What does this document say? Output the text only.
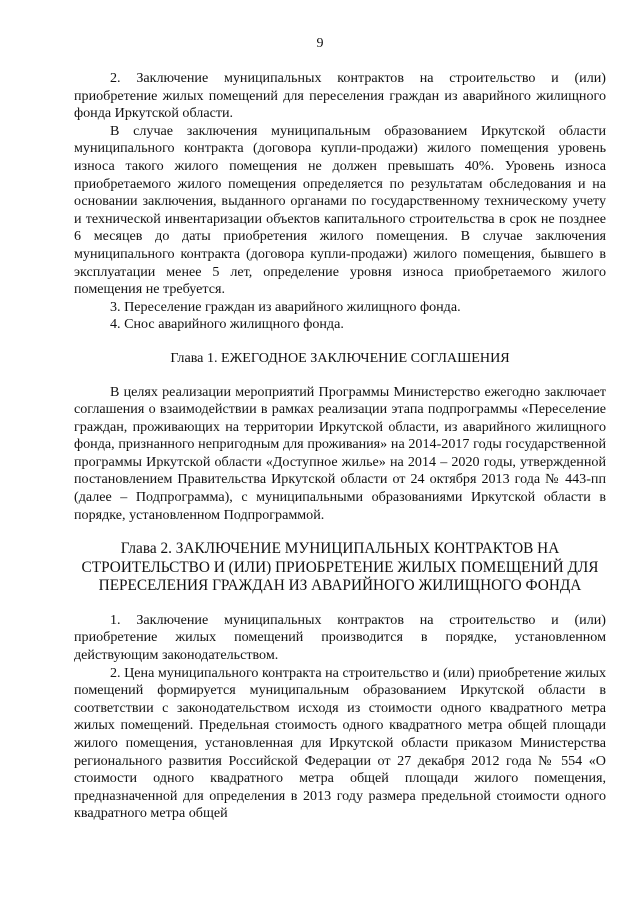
9

2. Заключение муниципальных контрактов на строительство и (или) приобретение жилых помещений для переселения граждан из аварийного жилищного фонда Иркутской области.

В случае заключения муниципальным образованием Иркутской области муниципального контракта (договора купли-продажи) жилого помещения уровень износа такого жилого помещения не должен превышать 40%. Уровень износа приобретаемого жилого помещения определяется по результатам обследования и на основании заключения, выданного органами по государственному техническому учету и технической инвентаризации объектов капитального строительства в срок не позднее 6 месяцев до даты приобретения жилого помещения. В случае заключения муниципального контракта (договора купли-продажи) жилого помещения, бывшего в эксплуатации менее 5 лет, определение уровня износа приобретаемого жилого помещения не требуется.

3. Переселение граждан из аварийного жилищного фонда.

4. Снос аварийного жилищного фонда.

Глава 1. ЕЖЕГОДНОЕ ЗАКЛЮЧЕНИЕ СОГЛАШЕНИЯ

В целях реализации мероприятий Программы Министерство ежегодно заключает соглашения о взаимодействии в рамках реализации этапа подпрограммы «Переселение граждан, проживающих на территории Иркутской области, из аварийного жилищного фонда, признанного непригодным для проживания» на 2014-2017 годы государственной программы Иркутской области «Доступное жилье» на 2014 – 2020 годы, утвержденной постановлением Правительства Иркутской области от 24 октября 2013 года № 443-пп (далее – Подпрограмма), с муниципальными образованиями Иркутской области в порядке, установленном Подпрограммой.

Глава 2. ЗАКЛЮЧЕНИЕ МУНИЦИПАЛЬНЫХ КОНТРАКТОВ НА

СТРОИТЕЛЬСТВО И (ИЛИ) ПРИОБРЕТЕНИЕ ЖИЛЫХ ПОМЕЩЕНИЙ ДЛЯ

ПЕРЕСЕЛЕНИЯ ГРАЖДАН ИЗ АВАРИЙНОГО ЖИЛИЩНОГО ФОНДА

1. Заключение муниципальных контрактов на строительство и (или) приобретение жилых помещений производится в порядке, установленном действующим законодательством.

2. Цена муниципального контракта на строительство и (или) приобретение жилых помещений формируется муниципальным образованием Иркутской области в соответствии с законодательством исходя из стоимости одного квадратного метра жилых помещений. Предельная стоимость одного квадратного метра общей площади жилого помещения, установленная для Иркутской области приказом Министерства регионального развития Российской Федерации от 27 декабря 2012 года № 554 «О стоимости одного квадратного метра общей площади жилого помещения, предназначенной для определения в 2013 году размера предельной стоимости одного квадратного метра общей
